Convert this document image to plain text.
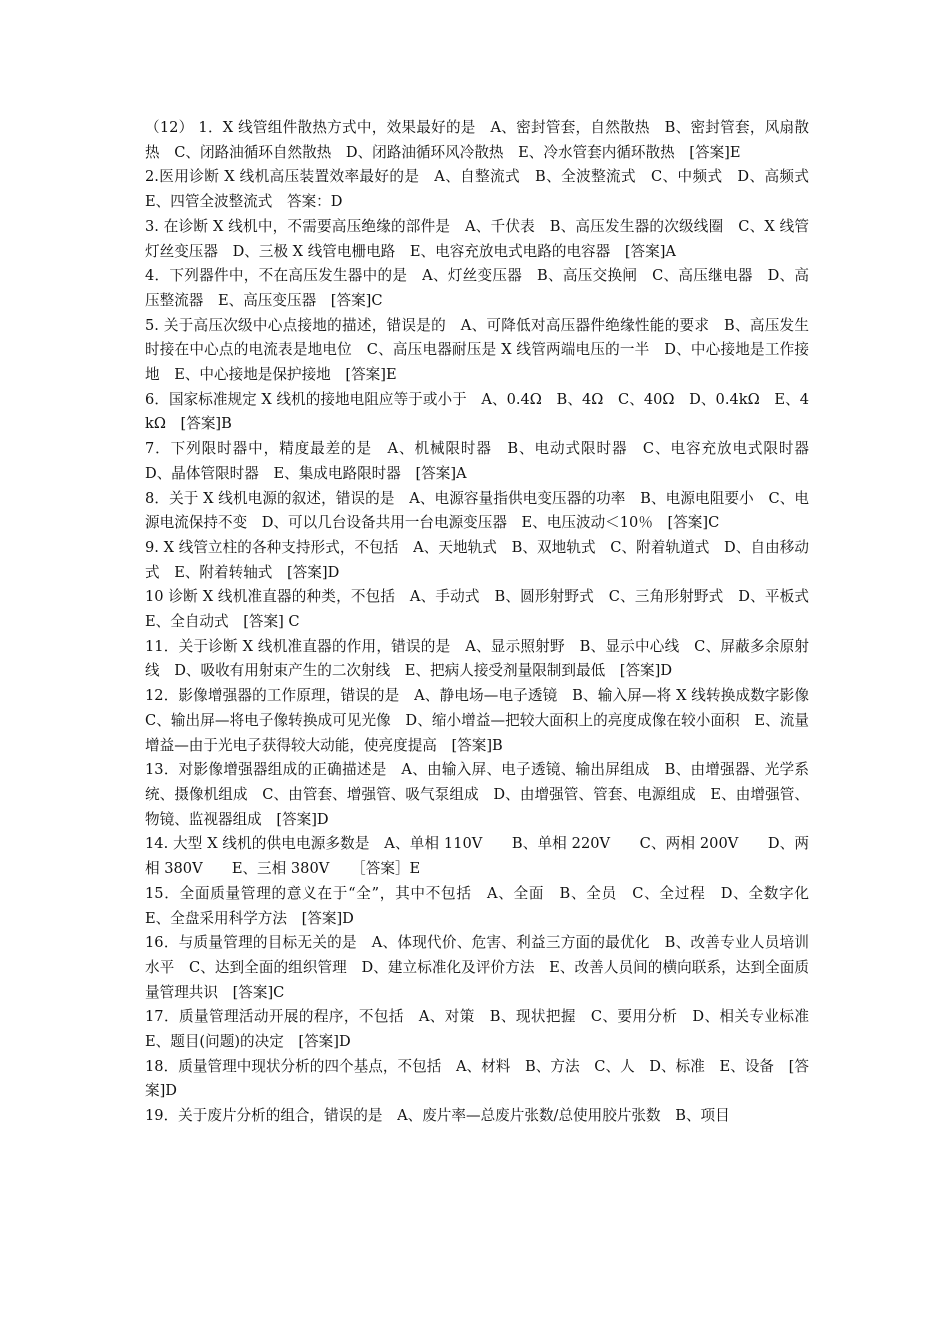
（12） 1．X 线管组件散热方式中，效果最好的是　A、密封管套，自然散热　B、密封管套，风扇散热　C、闭路油循环自然散热　D、闭路油循环风冷散热　E、冷水管套内循环散热　[答案]E

2.医用诊断 X 线机高压装置效率最好的是　A、自整流式　B、全波整流式　C、中频式　D、高频式　E、四管全波整流式　答案：D

3. 在诊断 X 线机中，不需要高压绝缘的部件是　A、千伏表　B、高压发生器的次级线圈　C、X 线管灯丝变压器　D、三极 X 线管电栅电路　E、电容充放电式电路的电容器　[答案]A

4．下列器件中，不在高压发生器中的是　A、灯丝变压器　B、高压交换闸　C、高压继电器　D、高压整流器　E、高压变压器　[答案]C

5. 关于高压次级中心点接地的描述，错误是的　A、可降低对高压器件绝缘性能的要求　B、高压发生时接在中心点的电流表是地电位　C、高压电器耐压是 X 线管两端电压的一半　D、中心接地是工作接地　E、中心接地是保护接地　[答案]E

6．国家标准规定 X 线机的接地电阻应等于或小于　A、0.4Ω　B、4Ω　C、40Ω　D、0.4kΩ　E、4kΩ　[答案]B

7．下列限时器中，精度最差的是　A、机械限时器　B、电动式限时器　C、电容充放电式限时器　D、晶体管限时器　E、集成电路限时器　[答案]A

8．关于 X 线机电源的叙述，错误的是　A、电源容量指供电变压器的功率　B、电源电阻要小　C、电源电流保持不变　D、可以几台设备共用一台电源变压器　E、电压波动＜10％　[答案]C

9. X 线管立柱的各种支持形式，不包括　A、天地轨式　B、双地轨式　C、附着轨道式　D、自由移动式　E、附着转轴式　[答案]D

10 诊断 X 线机准直器的种类，不包括　A、手动式　B、圆形射野式　C、三角形射野式　D、平板式　E、全自动式　[答案] C

11．关于诊断 X 线机准直器的作用，错误的是　A、显示照射野　B、显示中心线　C、屏蔽多余原射线　D、吸收有用射束产生的二次射线　E、把病人接受剂量限制到最低　[答案]D

12．影像增强器的工作原理，错误的是　A、静电场—电子透镜　B、输入屏—将 X 线转换成数字影像　C、输出屏—将电子像转换成可见光像　D、缩小增益—把较大面积上的亮度成像在较小面积　E、流量增益—由于光电子获得较大动能，使亮度提高　[答案]B

13．对影像增强器组成的正确描述是　A、由输入屏、电子透镜、输出屏组成　B、由增强器、光学系统、摄像机组成　C、由管套、增强管、吸气泵组成　D、由增强管、管套、电源组成　E、由增强管、物镜、监视器组成　[答案]D

14. 大型 X 线机的供电电源多数是　A、单相 110V　　B、单相 220V　　C、两相 200V　　D、两相 380V　　E、三相 380V　　［答案］E

15．全面质量管理的意义在于“全”，其中不包括　A、全面　B、全员　C、全过程　D、全数字化　E、全盘采用科学方法　[答案]D

16．与质量管理的目标无关的是　A、体现代价、危害、利益三方面的最优化　B、改善专业人员培训水平　C、达到全面的组织管理　D、建立标准化及评价方法　E、改善人员间的横向联系，达到全面质量管理共识　[答案]C

17．质量管理活动开展的程序，不包括　A、对策　B、现状把握　C、要用分析　D、相关专业标准　E、题目(问题)的决定　[答案]D

18．质量管理中现状分析的四个基点，不包括　A、材料　B、方法　C、人　D、标准　E、设备　[答案]D

19．关于废片分析的组合，错误的是　A、废片率—总废片张数/总使用胶片张数　B、项目
